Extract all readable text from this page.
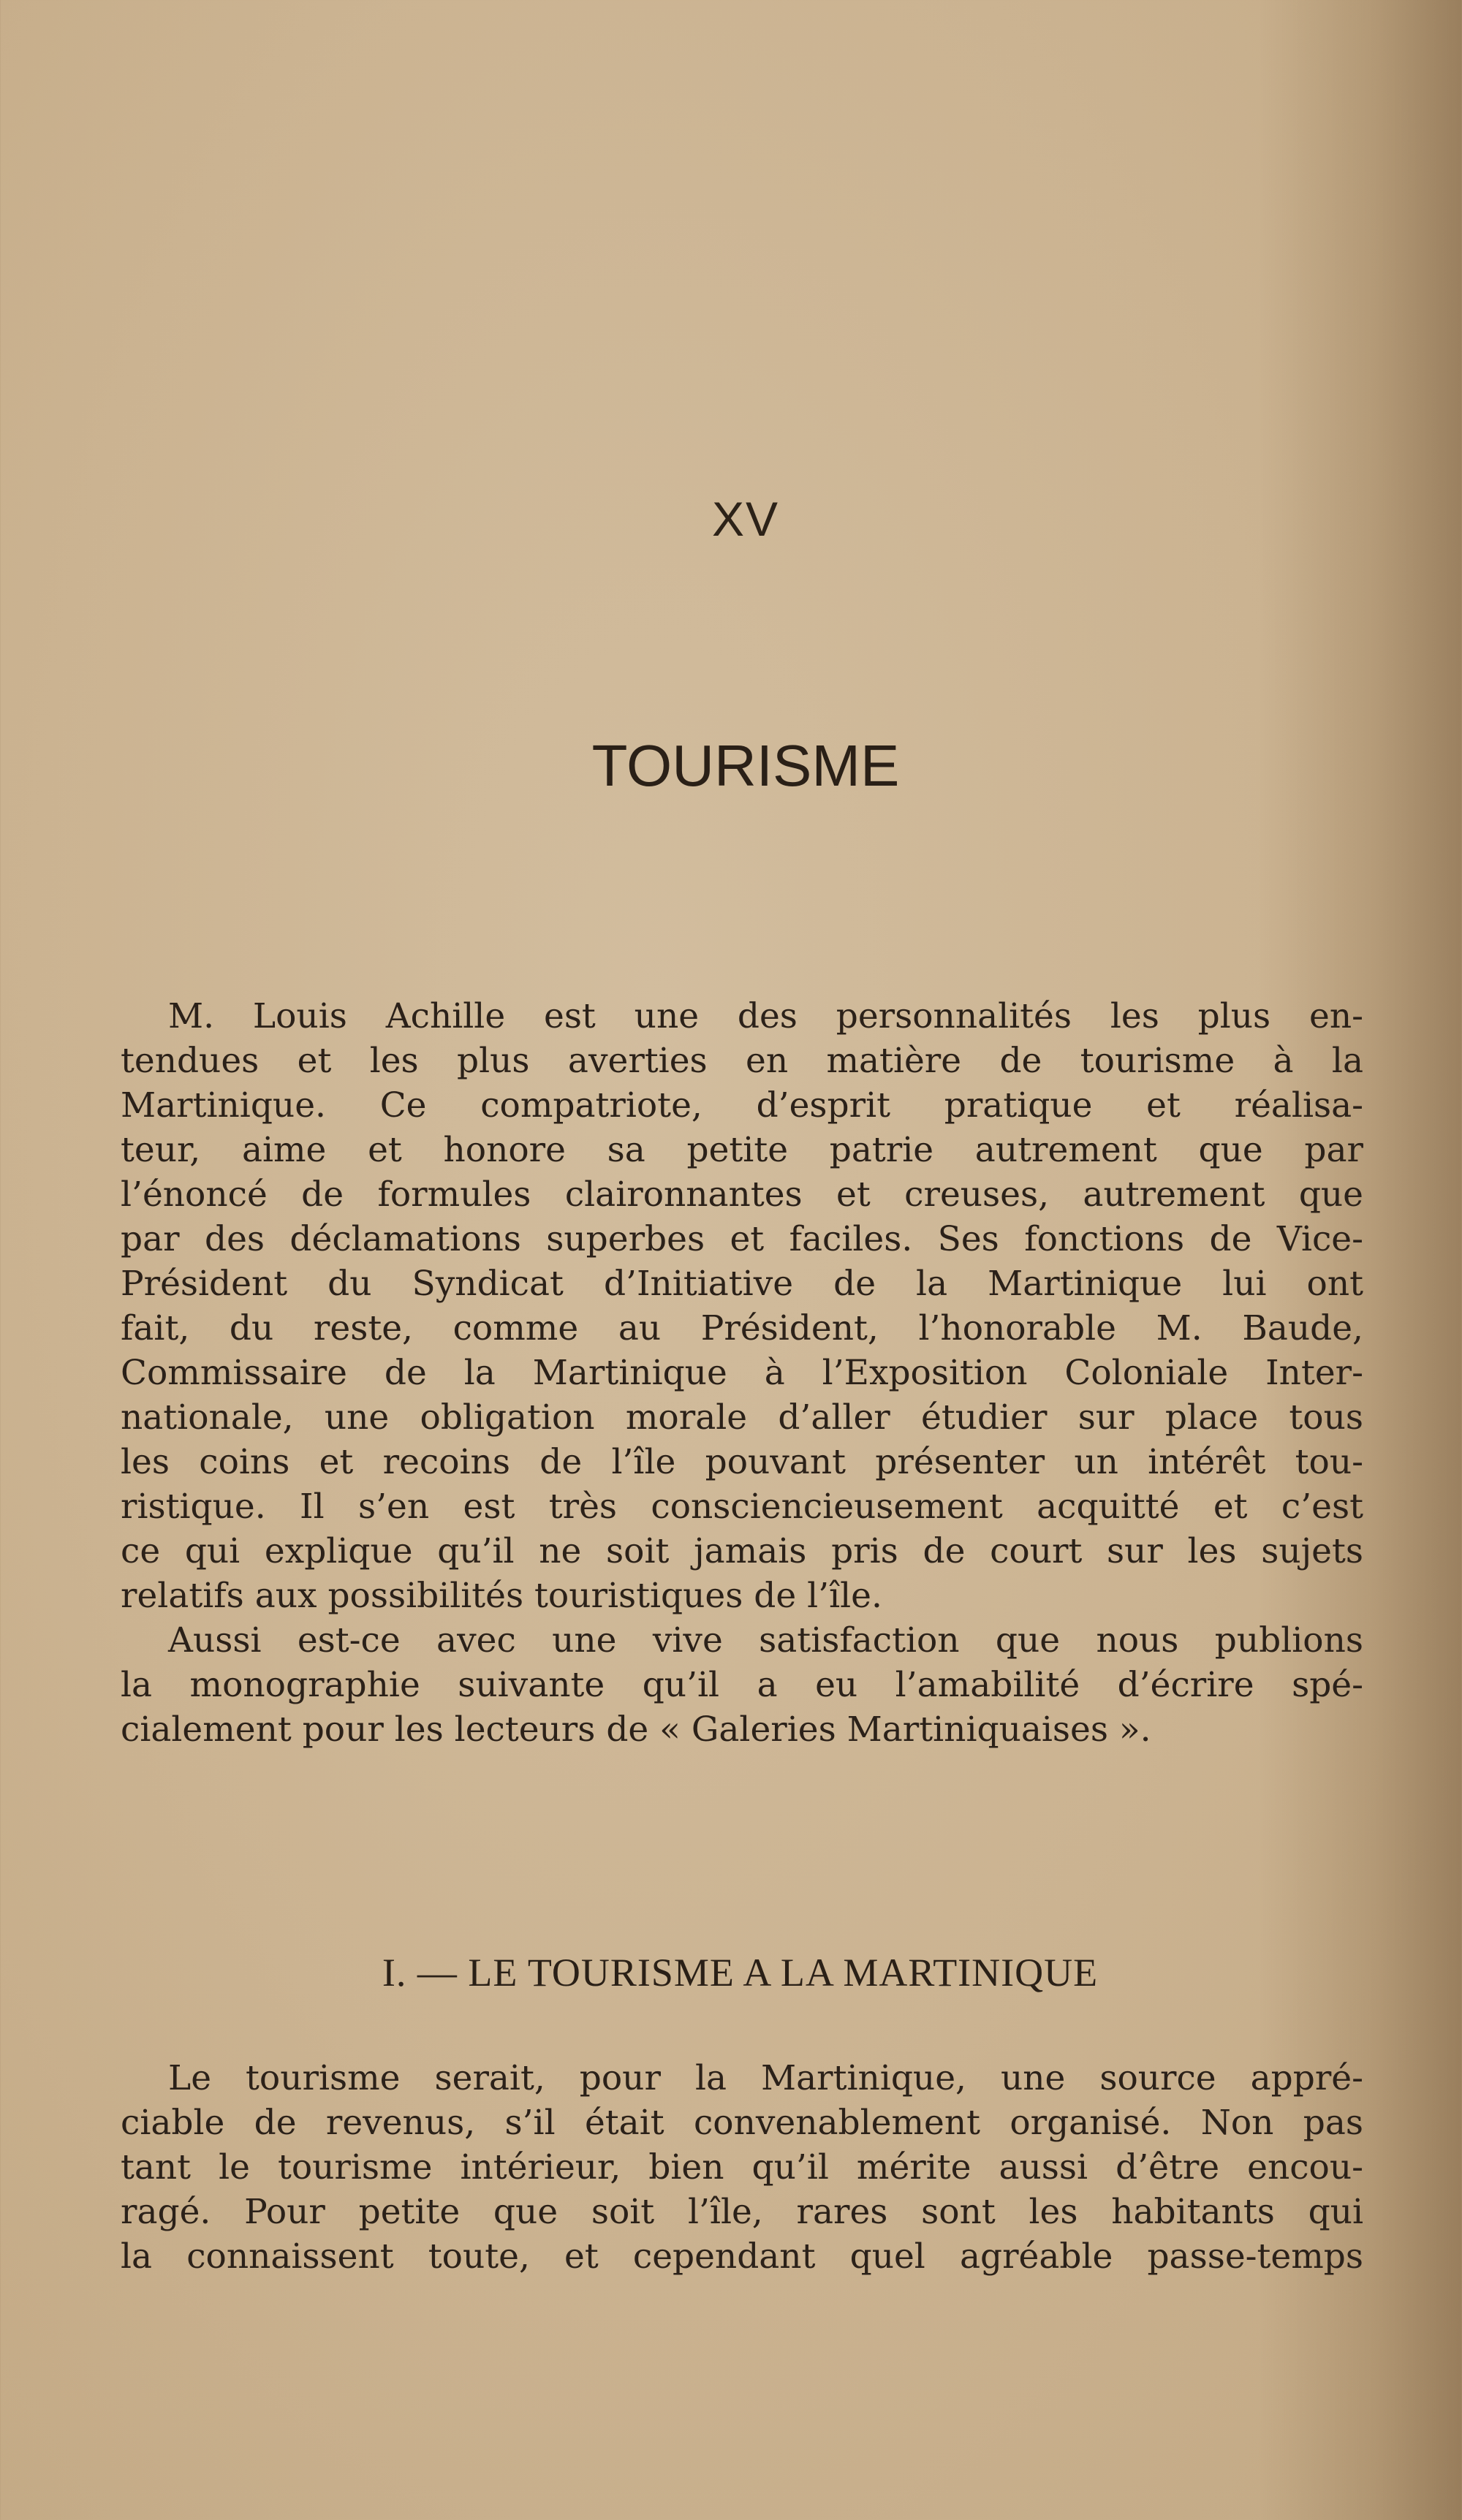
XV
TOURISME
M. Louis Achille est une des personnalités les plus en-
tendues et les plus averties en matière de tourisme à la
Martinique. Ce compatriote, d’esprit pratique et réalisa-
teur, aime et honore sa petite patrie autrement que par
l’énoncé de formules claironnantes et creuses, autrement que
par des déclamations superbes et faciles. Ses fonctions de Vice-
Président du Syndicat d’Initiative de la Martinique lui ont
fait, du reste, comme au Président, l’honorable M. Baude,
Commissaire de la Martinique à l’Exposition Coloniale Inter-
nationale, une obligation morale d’aller étudier sur place tous
les coins et recoins de l’île pouvant présenter un intérêt tou-
ristique. Il s’en est très consciencieusement acquitté et c’est
ce qui explique qu’il ne soit jamais pris de court sur les sujets
relatifs aux possibilités touristiques de l’île.
Aussi est-ce avec une vive satisfaction que nous publions
la monographie suivante qu’il a eu l’amabilité d’écrire spé-
cialement pour les lecteurs de « Galeries Martiniquaises ».
I. — LE TOURISME A LA MARTINIQUE
Le tourisme serait, pour la Martinique, une source appré-
ciable de revenus, s’il était convenablement organisé. Non pas
tant le tourisme intérieur, bien qu’il mérite aussi d’être encou-
ragé. Pour petite que soit l’île, rares sont les habitants qui
la connaissent toute, et cependant quel agréable passe-temps
